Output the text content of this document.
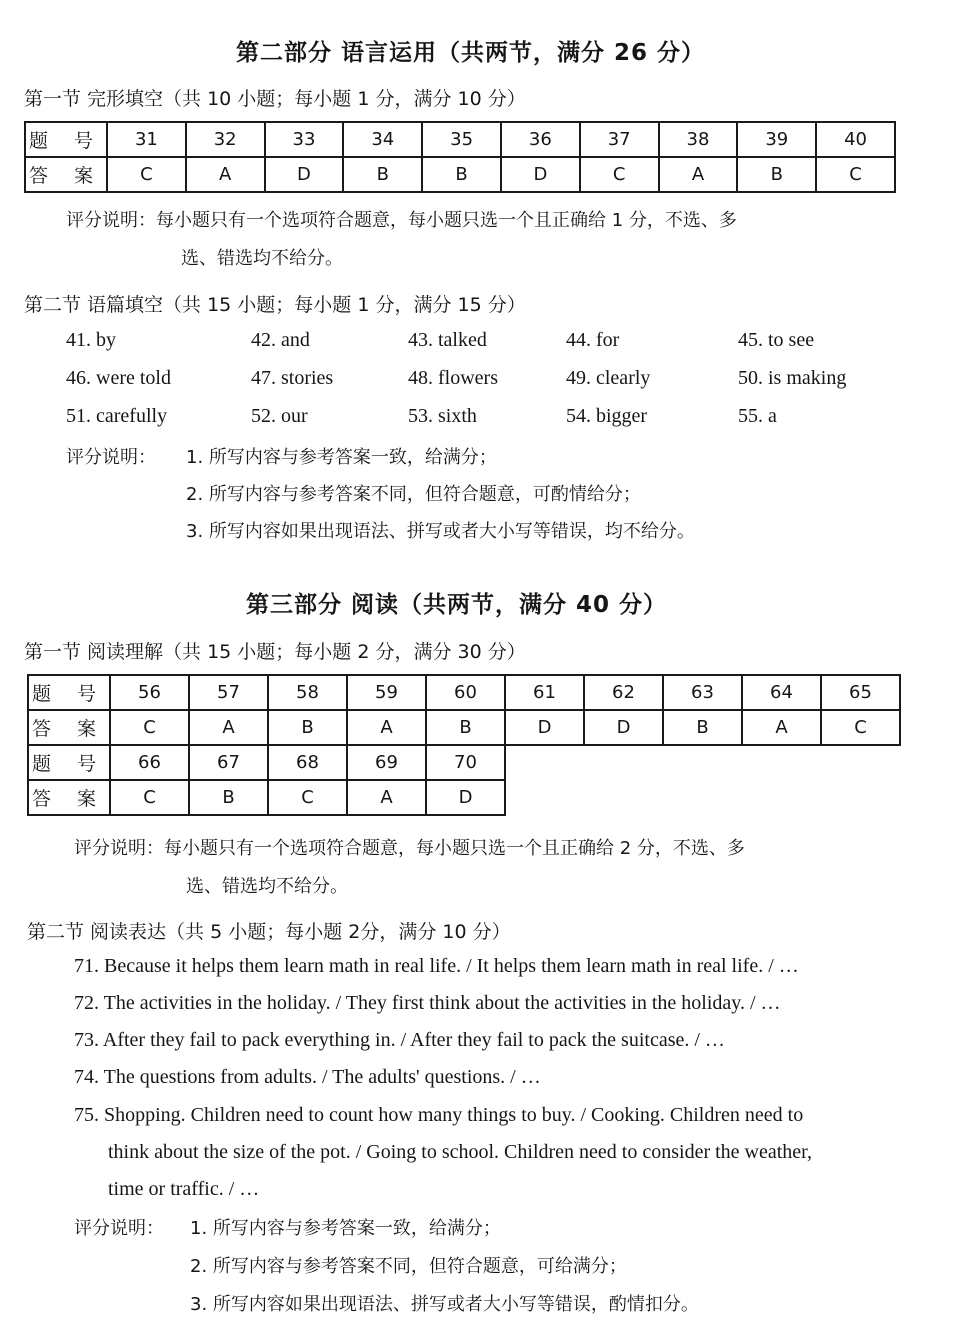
第二部分 语言运用（共两节，满分 26 分）
第一节 完形填空（共 10 小题；每小题 1 分，满分 10 分）
题 号	31	32	33	34	35	36	37	38	39	40
答 案	C	A	D	B	B	D	C	A	B	C
评分说明：每小题只有一个选项符合题意，每小题只选一个且正确给 1 分，不选、多
选、错选均不给分。
第二节 语篇填空（共 15 小题；每小题 1 分，满分 15 分）
41. by	42. and	43. talked	44. for	45. to see
46. were told	47. stories	48. flowers	49. clearly	50. is making
51. carefully	52. our	53. sixth	54. bigger	55. a
评分说明： 1. 所写内容与参考答案一致，给满分；
2. 所写内容与参考答案不同，但符合题意，可酌情给分；
3. 所写内容如果出现语法、拼写或者大小写等错误，均不给分。
第三部分 阅读（共两节，满分 40 分）
第一节 阅读理解（共 15 小题；每小题 2 分，满分 30 分）
题 号	56	57	58	59	60	61	62	63	64	65
答 案	C	A	B	A	B	D	D	B	A	C
题 号	66	67	68	69	70					
答 案	C	B	C	A	D					
评分说明：每小题只有一个选项符合题意，每小题只选一个且正确给 2 分，不选、多
选、错选均不给分。
第二节 阅读表达（共 5 小题；每小题 2分，满分 10 分）
71. Because it helps them learn math in real life. / It helps them learn math in real life. / …
72. The activities in the holiday. / They first think about the activities in the holiday. / …
73. After they fail to pack everything in. / After they fail to pack the suitcase. / …
74. The questions from adults. / The adults' questions. / …
75. Shopping. Children need to count how many things to buy. / Cooking. Children need to
think about the size of the pot. / Going to school. Children need to consider the weather,
time or traffic. / …
评分说明： 1. 所写内容与参考答案一致，给满分；
2. 所写内容与参考答案不同，但符合题意，可给满分；
3. 所写内容如果出现语法、拼写或者大小写等错误，酌情扣分。
